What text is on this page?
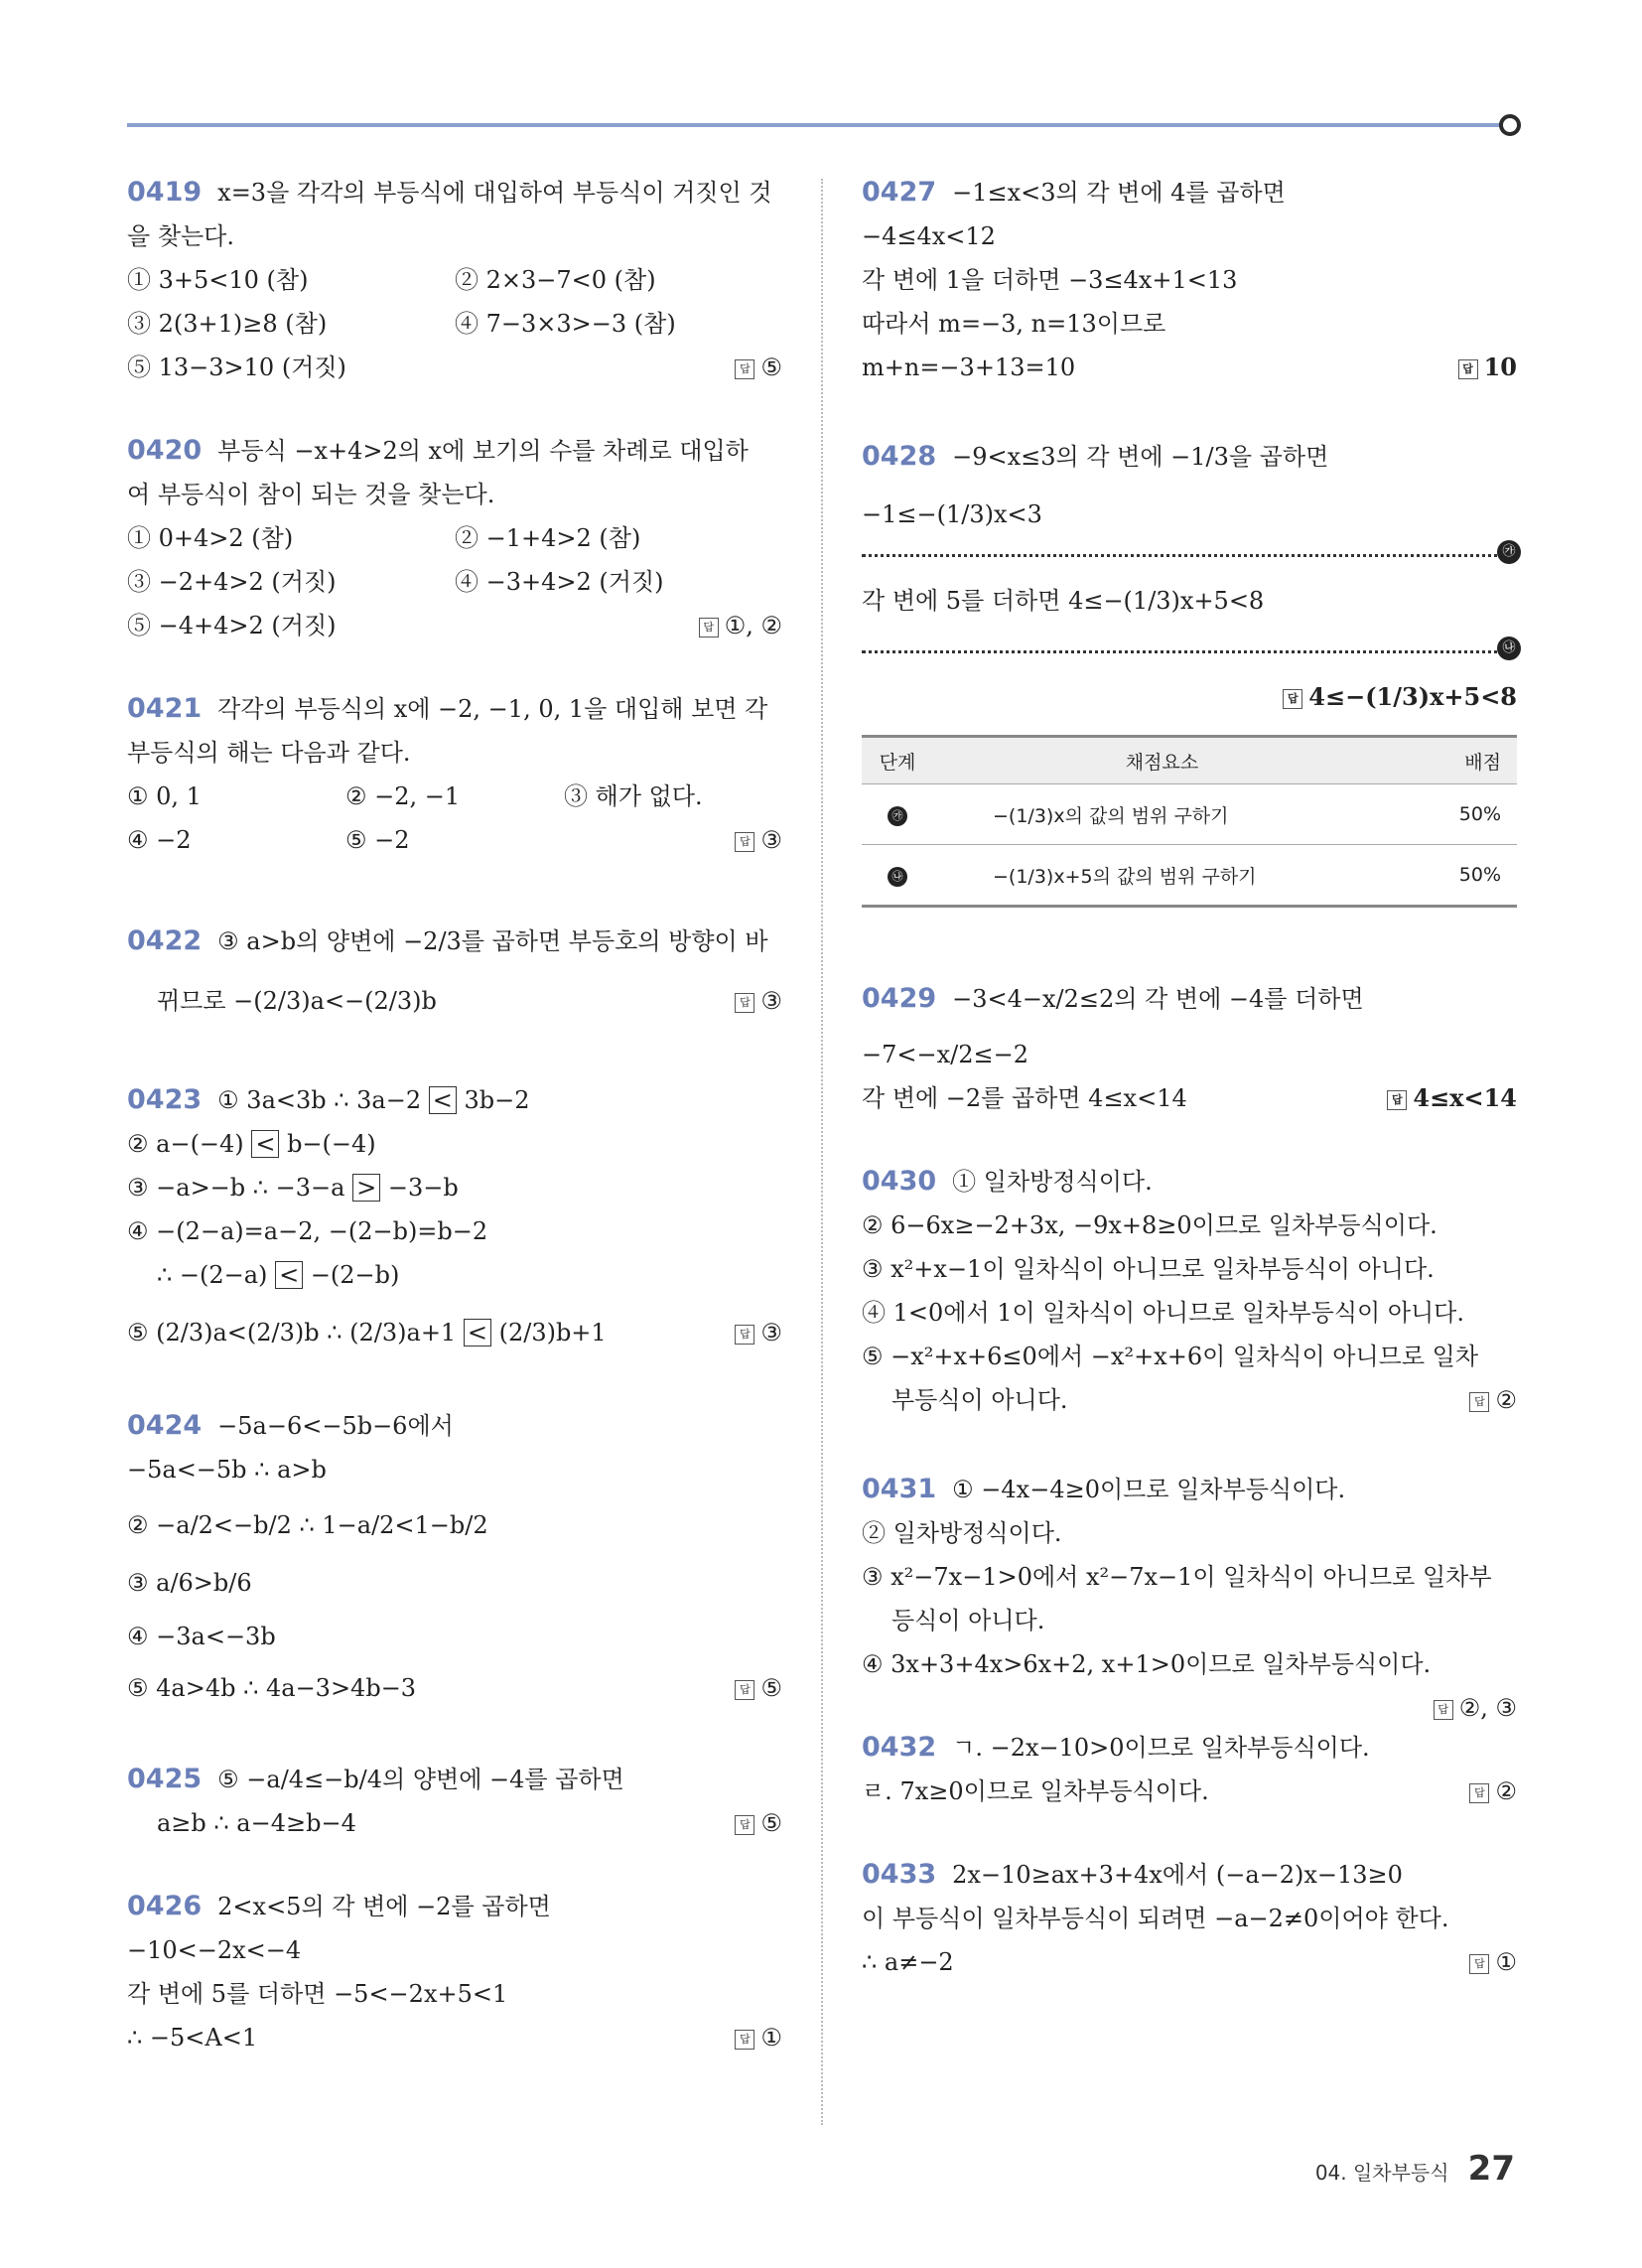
0419 x=3을 각각의 부등식에 대입하여 부등식이 거짓인 것
을 찾는다.
① 3+5<10 (참)	② 2×3−7<0 (참)
③ 2(3+1)≥8 (참)	④ 7−3×3>−3 (참)
⑤ 13−3>10 (거짓)	답 ⑤
0420 부등식 −x+4>2의 x에 보기의 수를 차례로 대입하
여 부등식이 참이 되는 것을 찾는다.
① 0+4>2 (참)	② −1+4>2 (참)
③ −2+4>2 (거짓)	④ −3+4>2 (거짓)
⑤ −4+4>2 (거짓)	답 ①, ②
0421 각각의 부등식의 x에 −2, −1, 0, 1을 대입해 보면 각
부등식의 해는 다음과 같다.
① 0, 1	② −2, −1	③ 해가 없다.
④ −2	⑤ −2	답 ③
0422 ③ a>b의 양변에 −2/3를 곱하면 부등호의 방향이 바
뀌므로 −(2/3)a<−(2/3)b	답 ③
0423 ① 3a<3b ∴ 3a−2 < 3b−2
② a−(−4) < b−(−4)
③ −a>−b ∴ −3−a > −3−b
④ −(2−a)=a−2, −(2−b)=b−2
∴ −(2−a) < −(2−b)
⑤ (2/3)a<(2/3)b ∴ (2/3)a+1 < (2/3)b+1	답 ③
0424 −5a−6<−5b−6에서
−5a<−5b ∴ a>b
② −a/2<−b/2 ∴ 1−a/2<1−b/2
③ a/6>b/6
④ −3a<−3b
⑤ 4a>4b ∴ 4a−3>4b−3	답 ⑤
0425 ⑤ −a/4≤−b/4의 양변에 −4를 곱하면
a≥b ∴ a−4≥b−4	답 ⑤
0426 2<x<5의 각 변에 −2를 곱하면
−10<−2x<−4
각 변에 5를 더하면 −5<−2x+5<1
∴ −5<A<1	답 ①
0427 −1≤x<3의 각 변에 4를 곱하면
−4≤4x<12
각 변에 1을 더하면 −3≤4x+1<13
따라서 m=−3, n=13이므로
m+n=−3+13=10	답 10
0428 −9<x≤3의 각 변에 −1/3을 곱하면
−1≤−(1/3)x<3
㉮
각 변에 5를 더하면 4≤−(1/3)x+5<8
㉯
답 4≤−(1/3)x+5<8
단계	채점요소	배점
㉮	−(1/3)x의 값의 범위 구하기	50%
㉯	−(1/3)x+5의 값의 범위 구하기	50%
0429 −3<4−x/2≤2의 각 변에 −4를 더하면
−7<−x/2≤−2
각 변에 −2를 곱하면 4≤x<14	답 4≤x<14
0430 ① 일차방정식이다.
② 6−6x≥−2+3x, −9x+8≥0이므로 일차부등식이다.
③ x²+x−1이 일차식이 아니므로 일차부등식이 아니다.
④ 1<0에서 1이 일차식이 아니므로 일차부등식이 아니다.
⑤ −x²+x+6≤0에서 −x²+x+6이 일차식이 아니므로 일차
부등식이 아니다.	답 ②
0431 ① −4x−4≥0이므로 일차부등식이다.
② 일차방정식이다.
③ x²−7x−1>0에서 x²−7x−1이 일차식이 아니므로 일차부
등식이 아니다.
④ 3x+3+4x>6x+2, x+1>0이므로 일차부등식이다.
답 ②, ③
0432 ㄱ. −2x−10>0이므로 일차부등식이다.
ㄹ. 7x≥0이므로 일차부등식이다.	답 ②
0433 2x−10≥ax+3+4x에서 (−a−2)x−13≥0
이 부등식이 일차부등식이 되려면 −a−2≠0이어야 한다.
∴ a≠−2	답 ①
04. 일차부등식 27
